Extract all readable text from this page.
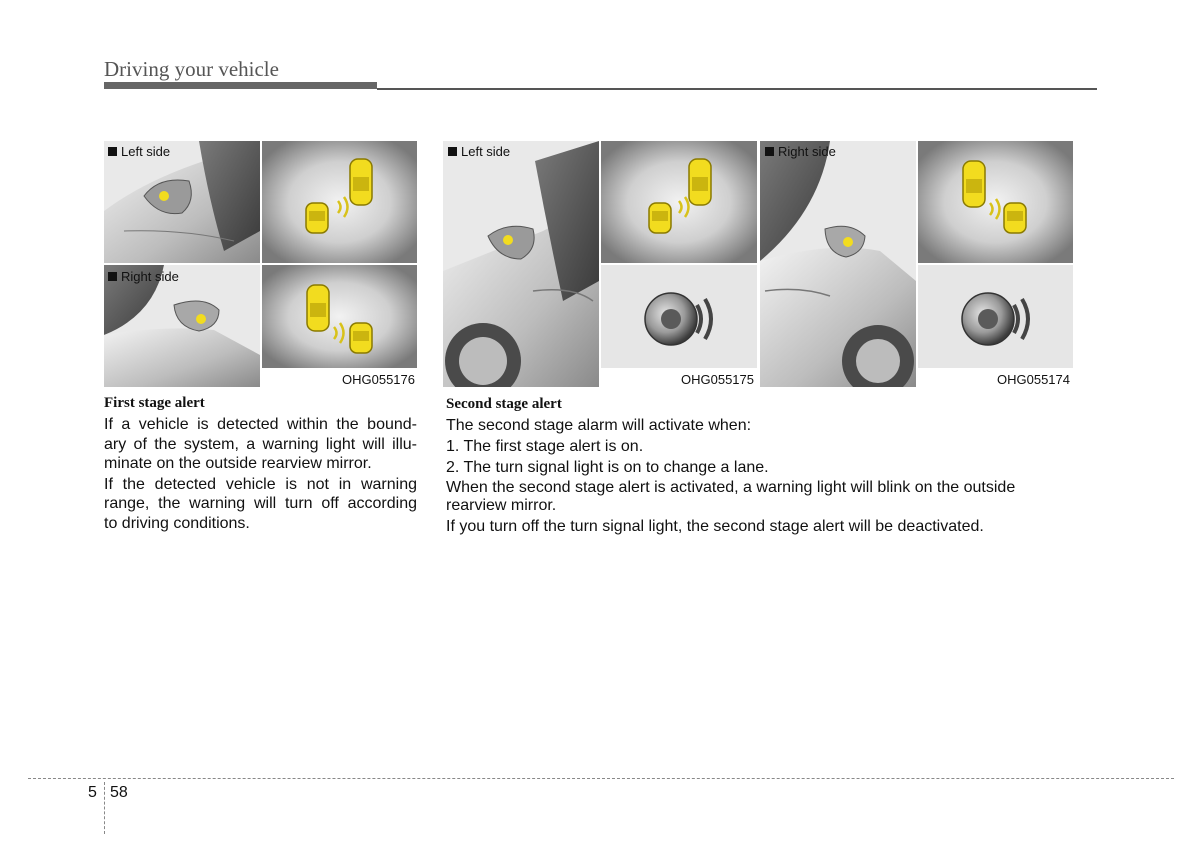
Driving your vehicle
Left side
Right side
OHG055176
Left side
OHG055175
Right side
OHG055174
First stage alert

If a vehicle is detected within the bound-
ary of the system, a warning light will illu-
minate on the outside rearview mirror.

If the detected vehicle is not in warning
range, the warning will turn off according
to driving conditions.

Second stage alert
The second stage alarm will activate when:
1. The first stage alert is on.
2. The turn signal light is on to change a lane.
When the second stage alert is activated, a warning light will blink on the outside
rearview mirror.
If you turn off the turn signal light, the second stage alert will be deactivated.
5 58
